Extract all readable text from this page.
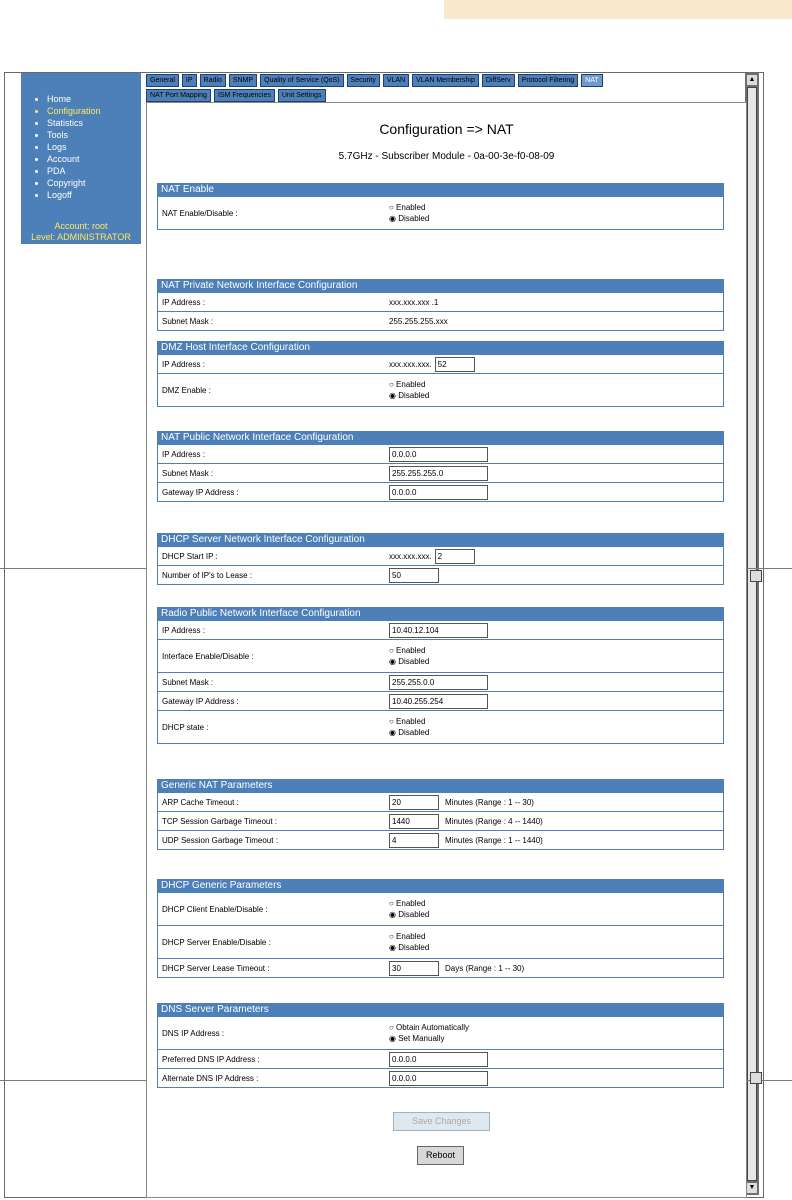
• Home
• Configuration
• Statistics
• Tools
• Logs
• Account
• PDA
• Copyright
• Logoff
Account: root
Level: ADMINISTRATOR
General	IP	Radio	SNMP	Quality of Service (QoS)	Security	VLAN	VLAN Membership	DiffServ	Protocol Filtering	NAT
NAT Port Mapping	ISM Frequencies	Unit Settings
▲
▼
Configuration => NAT
5.7GHz - Subscriber Module - 0a-00-3e-f0-08-09
NAT Enable
NAT Enable/Disable :
○ Enabled
◉ Disabled
NAT Private Network Interface Configuration
IP Address :	xxx.xxx.xxx .1
Subnet Mask :	255.255.255.xxx
DMZ Host Interface Configuration
IP Address :	xxx.xxx.xxx. 52
DMZ Enable :
○ Enabled
◉ Disabled
NAT Public Network Interface Configuration
IP Address :	0.0.0.0
Subnet Mask :	255.255.255.0
Gateway IP Address :	0.0.0.0
DHCP Server Network Interface Configuration
DHCP Start IP :	xxx.xxx.xxx. 2
Number of IP's to Lease :	50
Radio Public Network Interface Configuration
IP Address :	10.40.12.104
Interface Enable/Disable :
○ Enabled
◉ Disabled
Subnet Mask :	255.255.0.0
Gateway IP Address :	10.40.255.254
DHCP state :
○ Enabled
◉ Disabled
Generic NAT Parameters
ARP Cache Timeout :	20	Minutes (Range : 1 -- 30)
TCP Session Garbage Timeout :	1440	Minutes (Range : 4 -- 1440)
UDP Session Garbage Timeout :	4	Minutes (Range : 1 -- 1440)
DHCP Generic Parameters
DHCP Client Enable/Disable :
○ Enabled
◉ Disabled
DHCP Server Enable/Disable :
○ Enabled
◉ Disabled
DHCP Server Lease Timeout :	30	Days (Range : 1 -- 30)
DNS Server Parameters
DNS IP Address :
○ Obtain Automatically
◉ Set Manually
Preferred DNS IP Address :	0.0.0.0
Alternate DNS IP Address :	0.0.0.0
Save Changes
Reboot
